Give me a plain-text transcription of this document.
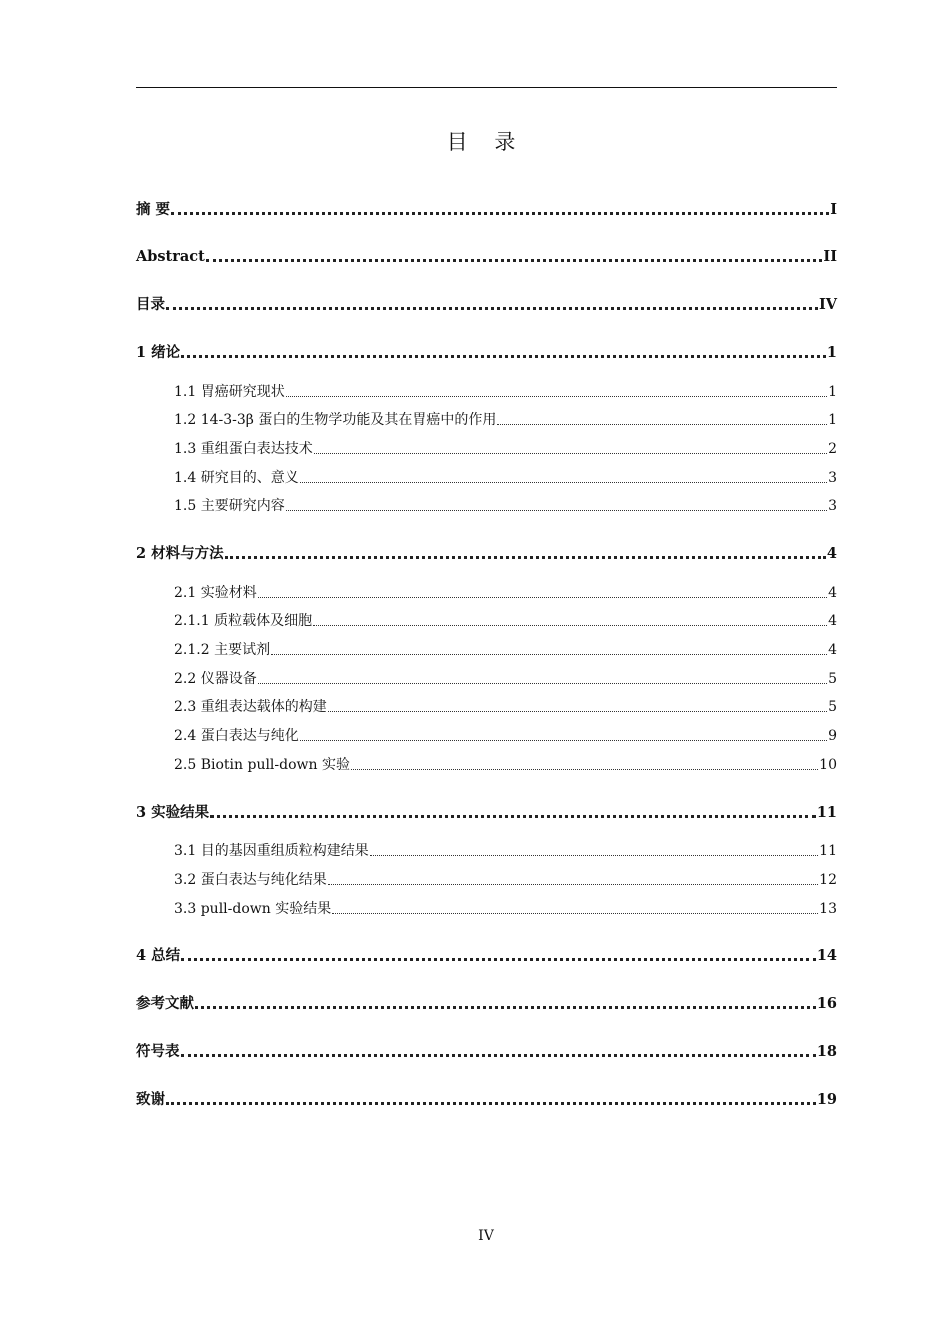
目 录
摘 要	I
Abstract	II
目录	IV
1 绪论	1
1.1 胃癌研究现状	1
1.2 14-3-3β 蛋白的生物学功能及其在胃癌中的作用	1
1.3 重组蛋白表达技术	2
1.4 研究目的、意义	3
1.5 主要研究内容	3
2 材料与方法	4
2.1 实验材料	4
2.1.1 质粒载体及细胞	4
2.1.2 主要试剂	4
2.2 仪器设备	5
2.3 重组表达载体的构建	5
2.4 蛋白表达与纯化	9
2.5 Biotin pull-down 实验	10
3 实验结果	11
3.1 目的基因重组质粒构建结果	11
3.2 蛋白表达与纯化结果	12
3.3 pull-down 实验结果	13
4 总结	14
参考文献	16
符号表	18
致谢	19
IV
